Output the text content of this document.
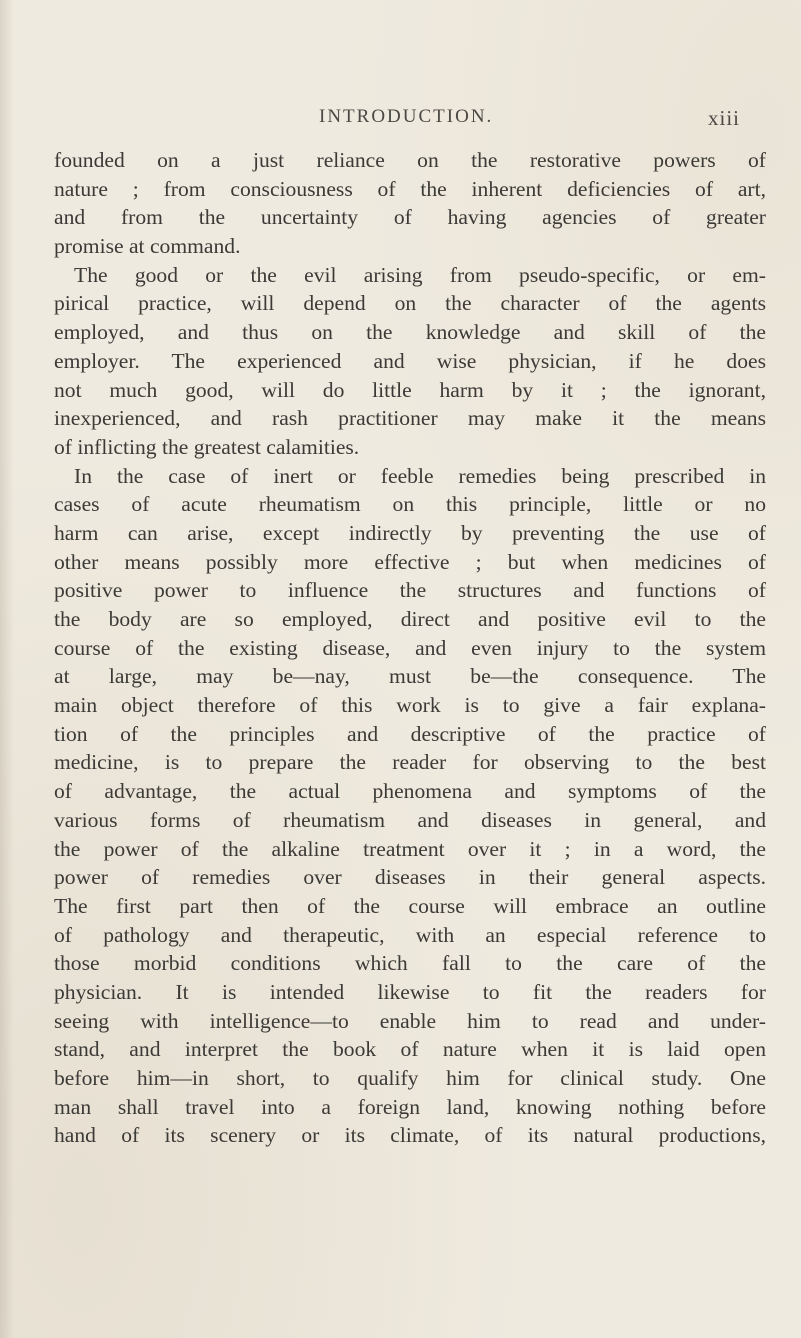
INTRODUCTION.	xiii
founded on a just reliance on the restorative powers of
nature ; from consciousness of the inherent deficiencies of art,
and from the uncertainty of having agencies of greater
promise at command.
The good or the evil arising from pseudo-specific, or em-
pirical practice, will depend on the character of the agents
employed, and thus on the knowledge and skill of the
employer. The experienced and wise physician, if he does
not much good, will do little harm by it ; the ignorant,
inexperienced, and rash practitioner may make it the means
of inflicting the greatest calamities.
In the case of inert or feeble remedies being prescribed in
cases of acute rheumatism on this principle, little or no
harm can arise, except indirectly by preventing the use of
other means possibly more effective ; but when medicines of
positive power to influence the structures and functions of
the body are so employed, direct and positive evil to the
course of the existing disease, and even injury to the system
at large, may be—nay, must be—the consequence. The
main object therefore of this work is to give a fair explana-
tion of the principles and descriptive of the practice of
medicine, is to prepare the reader for observing to the best
of advantage, the actual phenomena and symptoms of the
various forms of rheumatism and diseases in general, and
the power of the alkaline treatment over it ; in a word, the
power of remedies over diseases in their general aspects.
The first part then of the course will embrace an outline
of pathology and therapeutic, with an especial reference to
those morbid conditions which fall to the care of the
physician. It is intended likewise to fit the readers for
seeing with intelligence—to enable him to read and under-
stand, and interpret the book of nature when it is laid open
before him—in short, to qualify him for clinical study. One
man shall travel into a foreign land, knowing nothing before
hand of its scenery or its climate, of its natural productions,
